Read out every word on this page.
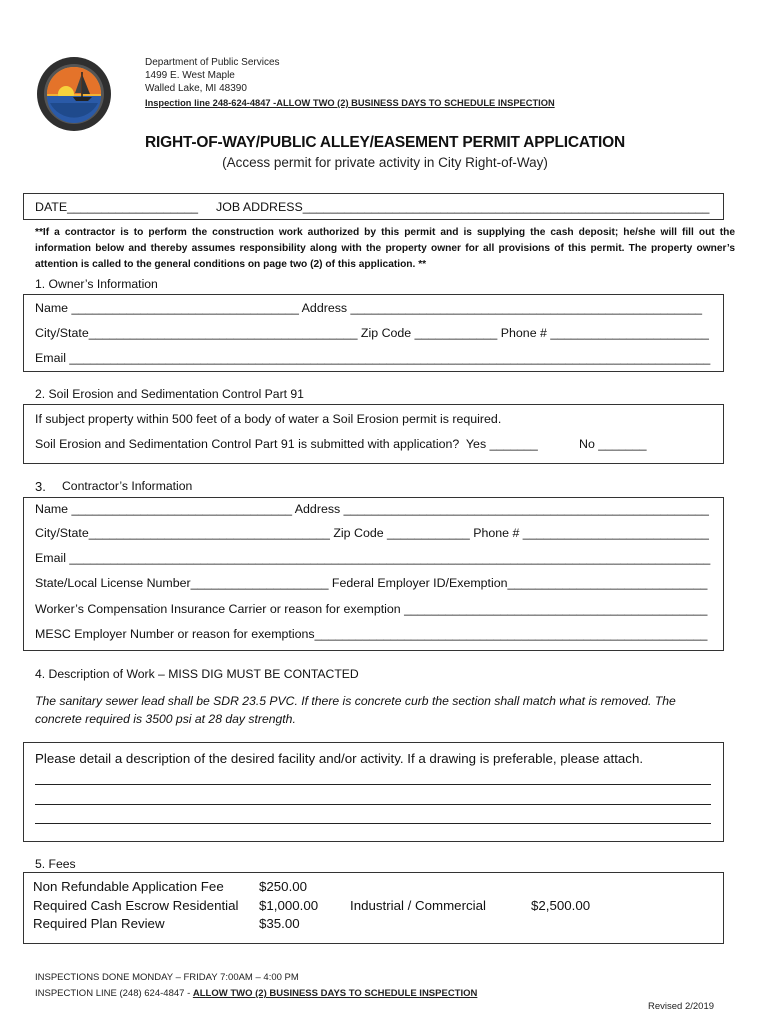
Department of Public Services
1499 E. West Maple
Walled Lake, MI 48390
Inspection line 248-624-4847 -ALLOW TWO (2) BUSINESS DAYS TO SCHEDULE INSPECTION
RIGHT-OF-WAY/PUBLIC ALLEY/EASEMENT PERMIT APPLICATION
(Access permit for private activity in City Right-of-Way)
DATE___________________ JOB ADDRESS___________________________________________________________
**If a contractor is to perform the construction work authorized by this permit and is supplying the cash deposit; he/she will fill out the information below and thereby assumes responsibility along with the property owner for all provisions of this permit. The property owner’s attention is called to the general conditions on page two (2) of this application. **
1. Owner’s Information
Name _________________________________ Address ___________________________________________________
City/State_______________________________________ Zip Code ____________ Phone # _______________________
Email _____________________________________________________________________________________________
2. Soil Erosion and Sedimentation Control Part 91
If subject property within 500 feet of a body of water a Soil Erosion permit is required.
Soil Erosion and Sedimentation Control Part 91 is submitted with application?  Yes _______	No _______
3. Contractor’s Information
Name ________________________________ Address _____________________________________________________
City/State___________________________________ Zip Code ____________ Phone # ___________________________
Email _____________________________________________________________________________________________
State/Local License Number____________________ Federal Employer ID/Exemption_____________________________
Worker’s Compensation Insurance Carrier or reason for exemption ____________________________________________
MESC Employer Number or reason for exemptions_________________________________________________________
4. Description of Work – MISS DIG MUST BE CONTACTED
The sanitary sewer lead shall be SDR 23.5 PVC. If there is concrete curb the section shall match what is removed. The
concrete required is 3500 psi at 28 day strength.
Please detail a description of the desired facility and/or activity. If a drawing is preferable, please attach.
5. Fees
Non Refundable Application Fee	$250.00
Required Cash Escrow Residential $1,000.00 Industrial / Commercial	$2,500.00
Required Plan Review	$35.00
INSPECTIONS DONE MONDAY – FRIDAY 7:00AM – 4:00 PM
INSPECTION LINE (248) 624-4847 - ALLOW TWO (2) BUSINESS DAYS TO SCHEDULE INSPECTION
Revised 2/2019
